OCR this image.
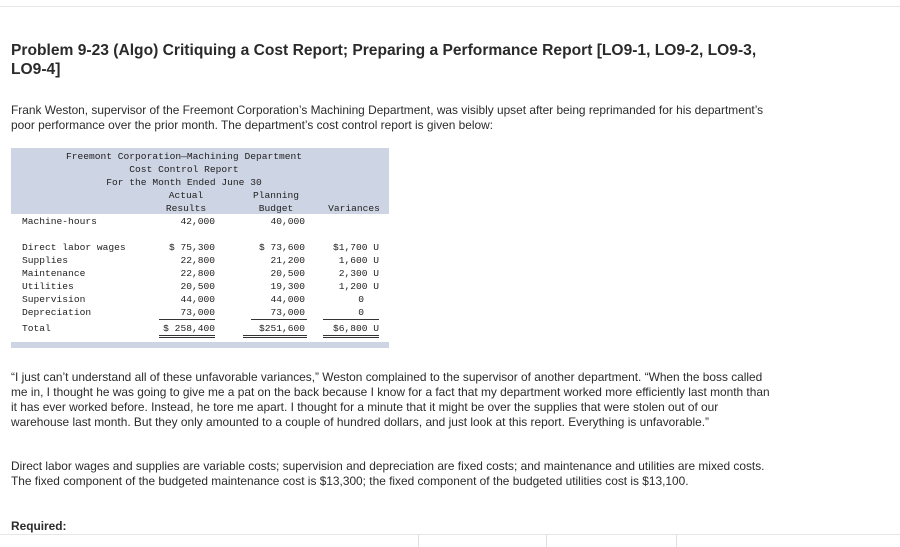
Problem 9-23 (Algo) Critiquing a Cost Report; Preparing a Performance Report [LO9-1, LO9-2, LO9-3, LO9-4]

Frank Weston, supervisor of the Freemont Corporation’s Machining Department, was visibly upset after being reprimanded for his department’s poor performance over the prior month. The department’s cost control report is given below:

Freemont Corporation—Machining Department
Cost Control Report
For the Month Ended June 30
Actual
Results
Planning
Budget	Variances
Machine-hours	42,000	40,000
Direct labor wages	$ 75,300	$ 73,600	$1,700 U
Supplies	22,800	21,200	1,600 U
Maintenance	22,800	20,500	2,300 U
Utilities	20,500	19,300	1,200 U
Supervision	44,000	44,000	0
Depreciation	73,000	73,000	0
Total	$ 258,400	$251,600	$6,800 U

“I just can’t understand all of these unfavorable variances,” Weston complained to the supervisor of another department. “When the boss called me in, I thought he was going to give me a pat on the back because I know for a fact that my department worked more efficiently last month than it has ever worked before. Instead, he tore me apart. I thought for a minute that it might be over the supplies that were stolen out of our warehouse last month. But they only amounted to a couple of hundred dollars, and just look at this report. Everything is unfavorable.”

Direct labor wages and supplies are variable costs; supervision and depreciation are fixed costs; and maintenance and utilities are mixed costs. The fixed component of the budgeted maintenance cost is $13,300; the fixed component of the budgeted utilities cost is $13,100.

Required:
